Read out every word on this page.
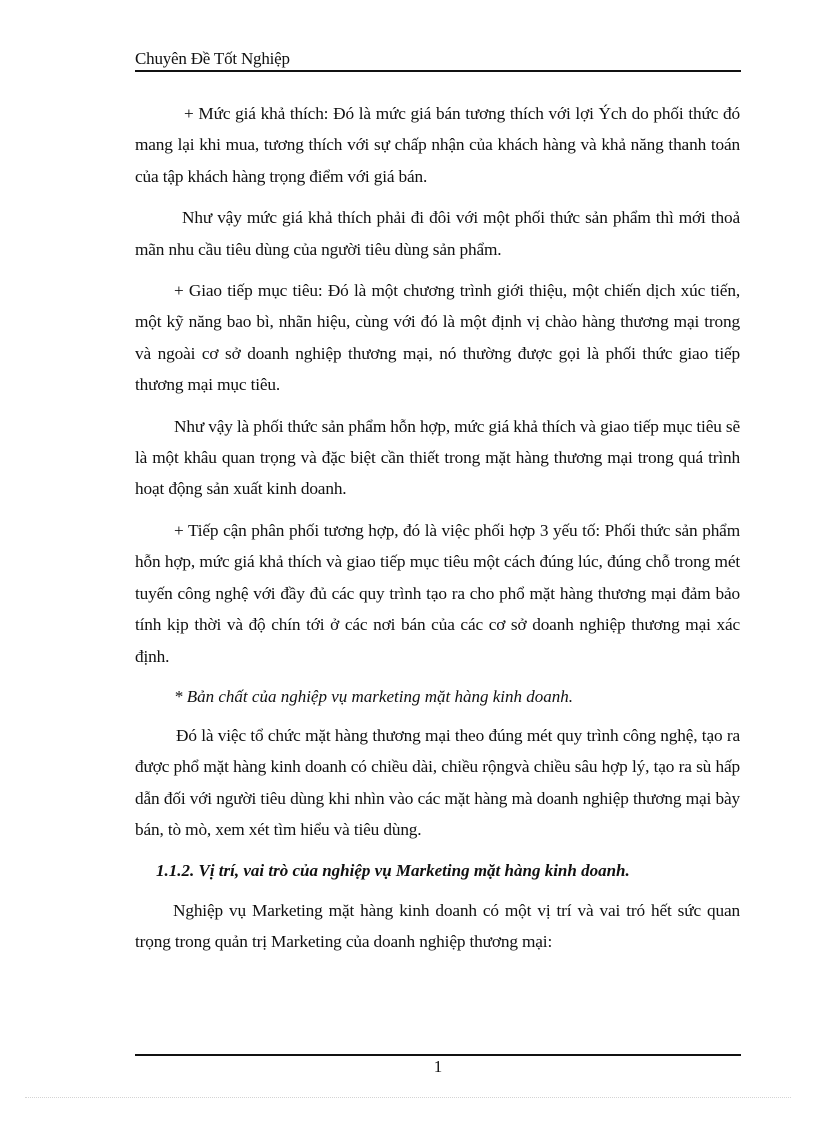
Chuyên Đề Tốt Nghiệp

+ Mức giá khả thích: Đó là mức giá bán tương thích với lợi Ých do phối thức đó mang lại khi mua, tương thích với sự chấp nhận của khách hàng và khả năng thanh toán của tập khách hàng trọng điểm với giá bán.

Như vậy mức giá khả thích phải đi đôi với một phối thức sản phẩm thì mới thoả mãn nhu cầu tiêu dùng của người tiêu dùng sản phẩm.

+ Giao tiếp mục tiêu: Đó là một chương trình giới thiệu, một chiến dịch xúc tiến, một kỹ năng bao bì, nhãn hiệu, cùng với đó là một định vị chào hàng thương mại trong và ngoài cơ sở doanh nghiệp thương mại, nó thường được gọi là phối thức giao tiếp thương mại mục tiêu.

Như vậy là phối thức sản phẩm hỗn hợp, mức giá khả thích và giao tiếp mục tiêu sẽ là một khâu quan trọng và đặc biệt cần thiết trong mặt hàng thương mại trong quá trình hoạt động sản xuất kinh doanh.

+ Tiếp cận phân phối tương hợp, đó là việc phối hợp 3 yếu tố: Phối thức sản phẩm hỗn hợp, mức giá khả thích và giao tiếp mục tiêu một cách đúng lúc, đúng chỗ trong mét tuyến công nghệ với đầy đủ các quy trình tạo ra cho phổ mặt hàng thương mại đảm bảo tính kịp thời và độ chín tới ở các nơi bán của các cơ sở doanh nghiệp thương mại xác định.

* Bản chất của nghiệp vụ marketing mặt hàng kinh doanh.

Đó là việc tổ chức mặt hàng thương mại theo đúng mét quy trình công nghệ, tạo ra được phổ mặt hàng kinh doanh có chiều dài, chiều rộngvà chiều sâu hợp lý, tạo ra sù hấp dẫn đối với người tiêu dùng khi nhìn vào các mặt hàng mà doanh nghiệp thương mại bày bán, tò mò, xem xét tìm hiểu và tiêu dùng.

1.1.2. Vị trí, vai trò của nghiệp vụ Marketing mặt hàng kinh doanh.

Nghiệp vụ Marketing mặt hàng kinh doanh có một vị trí và vai tró hết sức quan trọng trong quản trị Marketing của doanh nghiệp thương mại:

1
